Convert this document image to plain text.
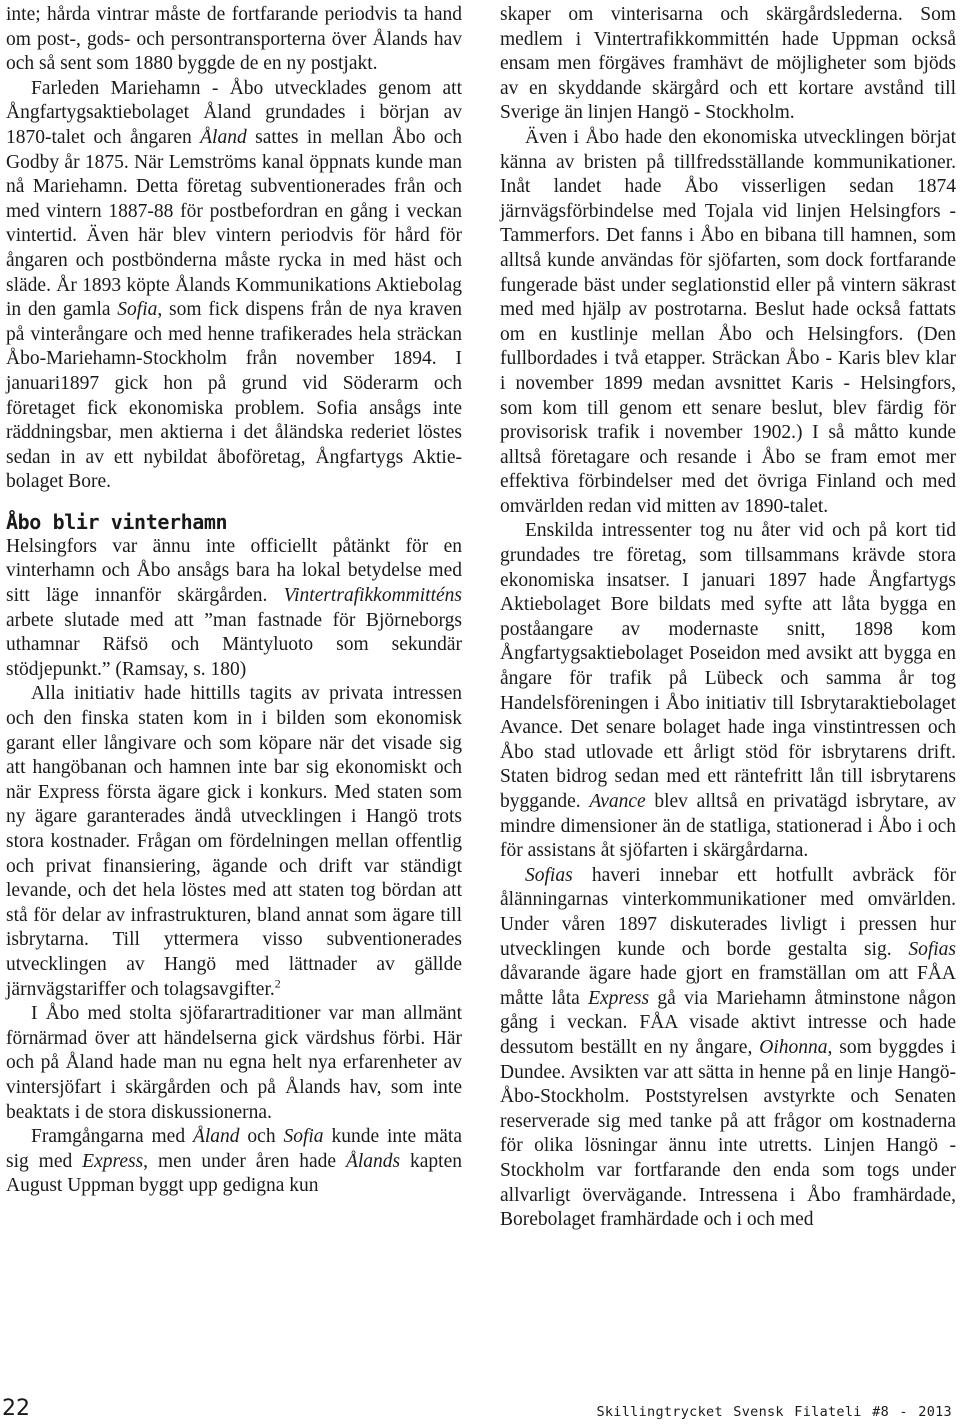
inte; hårda vintrar måste de fortfarande periodvis ta hand om post-, gods- och persontransporterna över Ålands hav och så sent som 1880 byggde de en ny postjakt.

Farleden Mariehamn - Åbo utvecklades genom att Ångfartygsaktiebolaget Åland grundades i början av 1870-talet och ångaren Åland sattes in mellan Åbo och Godby år 1875. När Lemströms kanal öppnats kunde man nå Mariehamn. Detta företag subventionerades från och med vintern 1887-88 för postbefordran en gång i veckan vintertid. Även här blev vintern periodvis för hård för ångaren och postbönderna måste rycka in med häst och släde. År 1893 köpte Ålands Kommunikations Aktiebolag in den gamla Sofia, som fick dispens från de nya kraven på vinterångare och med henne trafikerades hela sträckan Åbo-Mariehamn-Stockholm från november 1894. I januari1897 gick hon på grund vid Söderarm och företaget fick ekonomiska problem. Sofia ansågs inte räddningsbar, men aktierna i det åländska rederiet löstes sedan in av ett nybildat åboföretag, Ångfartygs Aktiebolaget Bore.

Åbo blir vinterhamn

Helsingfors var ännu inte officiellt påtänkt för en vinterhamn och Åbo ansågs bara ha lokal betydelse med sitt läge innanför skärgården. Vintertrafikkommitténs arbete slutade med att ”man fastnade för Björneborgs uthamnar Räfsö och Mäntyluoto som sekundär stödjepunkt.” (Ramsay, s. 180)

Alla initiativ hade hittills tagits av privata intressen och den finska staten kom in i bilden som ekonomisk garant eller långivare och som köpare när det visade sig att hangöbanan och hamnen inte bar sig ekonomiskt och när Express första ägare gick i konkurs. Med staten som ny ägare garanterades ändå utvecklingen i Hangö trots stora kostnader. Frågan om fördelningen mellan offentlig och privat finansiering, ägande och drift var ständigt levande, och det hela löstes med att staten tog bördan att stå för delar av infrastrukturen, bland annat som ägare till isbrytarna. Till yttermera visso subventionerades utvecklingen av Hangö med lättnader av gällde järnvägstariffer och tolagsavgifter.$^2$

I Åbo med stolta sjöfarartraditioner var man allmänt förnärmad över att händelserna gick värdshus förbi. Här och på Åland hade man nu egna helt nya erfarenheter av vintersjöfart i skärgården och på Ålands hav, som inte beaktats i de stora diskussionerna.

Framgångarna med Åland och Sofia kunde inte mäta sig med Express, men under åren hade Ålands kapten August Uppman byggt upp gedigna kun

skaper om vinterisarna och skärgårdslederna. Som medlem i Vintertrafikkommittén hade Uppman också ensam men förgäves framhävt de möjligheter som bjöds av en skyddande skärgård och ett kortare avstånd till Sverige än linjen Hangö - Stockholm.

Även i Åbo hade den ekonomiska utvecklingen börjat känna av bristen på tillfredsställande kommunikationer. Inåt landet hade Åbo visserligen sedan 1874 järnvägsförbindelse med Tojala vid linjen Helsingfors - Tammerfors. Det fanns i Åbo en bibana till hamnen, som alltså kunde användas för sjöfarten, som dock fortfarande fungerade bäst under seglationstid eller på vintern säkrast med med hjälp av postrotarna. Beslut hade också fattats om en kustlinje mellan Åbo och Helsingfors. (Den fullbordades i två etapper. Sträckan Åbo - Karis blev klar i november 1899 medan avsnittet Karis - Helsingfors, som kom till genom ett senare beslut, blev färdig för provisorisk trafik i november 1902.) I så måtto kunde alltså företagare och resande i Åbo se fram emot mer effektiva förbindelser med det övriga Finland och med omvärlden redan vid mitten av 1890-talet.

Enskilda intressenter tog nu åter vid och på kort tid grundades tre företag, som tillsammans krävde stora ekonomiska insatser. I januari 1897 hade Ångfartygs Aktiebolaget Bore bildats med syfte att låta bygga en poståangare av modernaste snitt, 1898 kom Ångfartygsaktiebolaget Poseidon med avsikt att bygga en ångare för trafik på Lübeck och samma år tog Handelsföreningen i Åbo initiativ till Isbrytaraktiebolaget Avance. Det senare bolaget hade inga vinstintressen och Åbo stad utlovade ett årligt stöd för isbrytarens drift. Staten bidrog sedan med ett räntefritt lån till isbrytarens byggande. Avance blev alltså en privatägd isbrytare, av mindre dimensioner än de statliga, stationerad i Åbo i och för assistans åt sjöfarten i skärgårdarna.

Sofias haveri innebar ett hotfullt avbräck för ålänningarnas vinterkommunikationer med omvärlden. Under våren 1897 diskuterades livligt i pressen hur utvecklingen kunde och borde gestalta sig. Sofias dåvarande ägare hade gjort en framställan om att FÅA måtte låta Express gå via Mariehamn åtminstone någon gång i veckan. FÅA visade aktivt intresse och hade dessutom beställt en ny ångare, Oihonna, som byggdes i Dundee. Avsikten var att sätta in henne på en linje Hangö-Åbo-Stockholm. Poststyrelsen avstyrkte och Senaten reserverade sig med tanke på att frågor om kostnaderna för olika lösningar ännu inte utretts. Linjen Hangö - Stockholm var fortfarande den enda som togs under allvarligt övervägande. Intressena i Åbo framhärdade, Borebolaget framhärdade och i och med

22	Skillingtrycket Svensk Filateli #8 - 2013
